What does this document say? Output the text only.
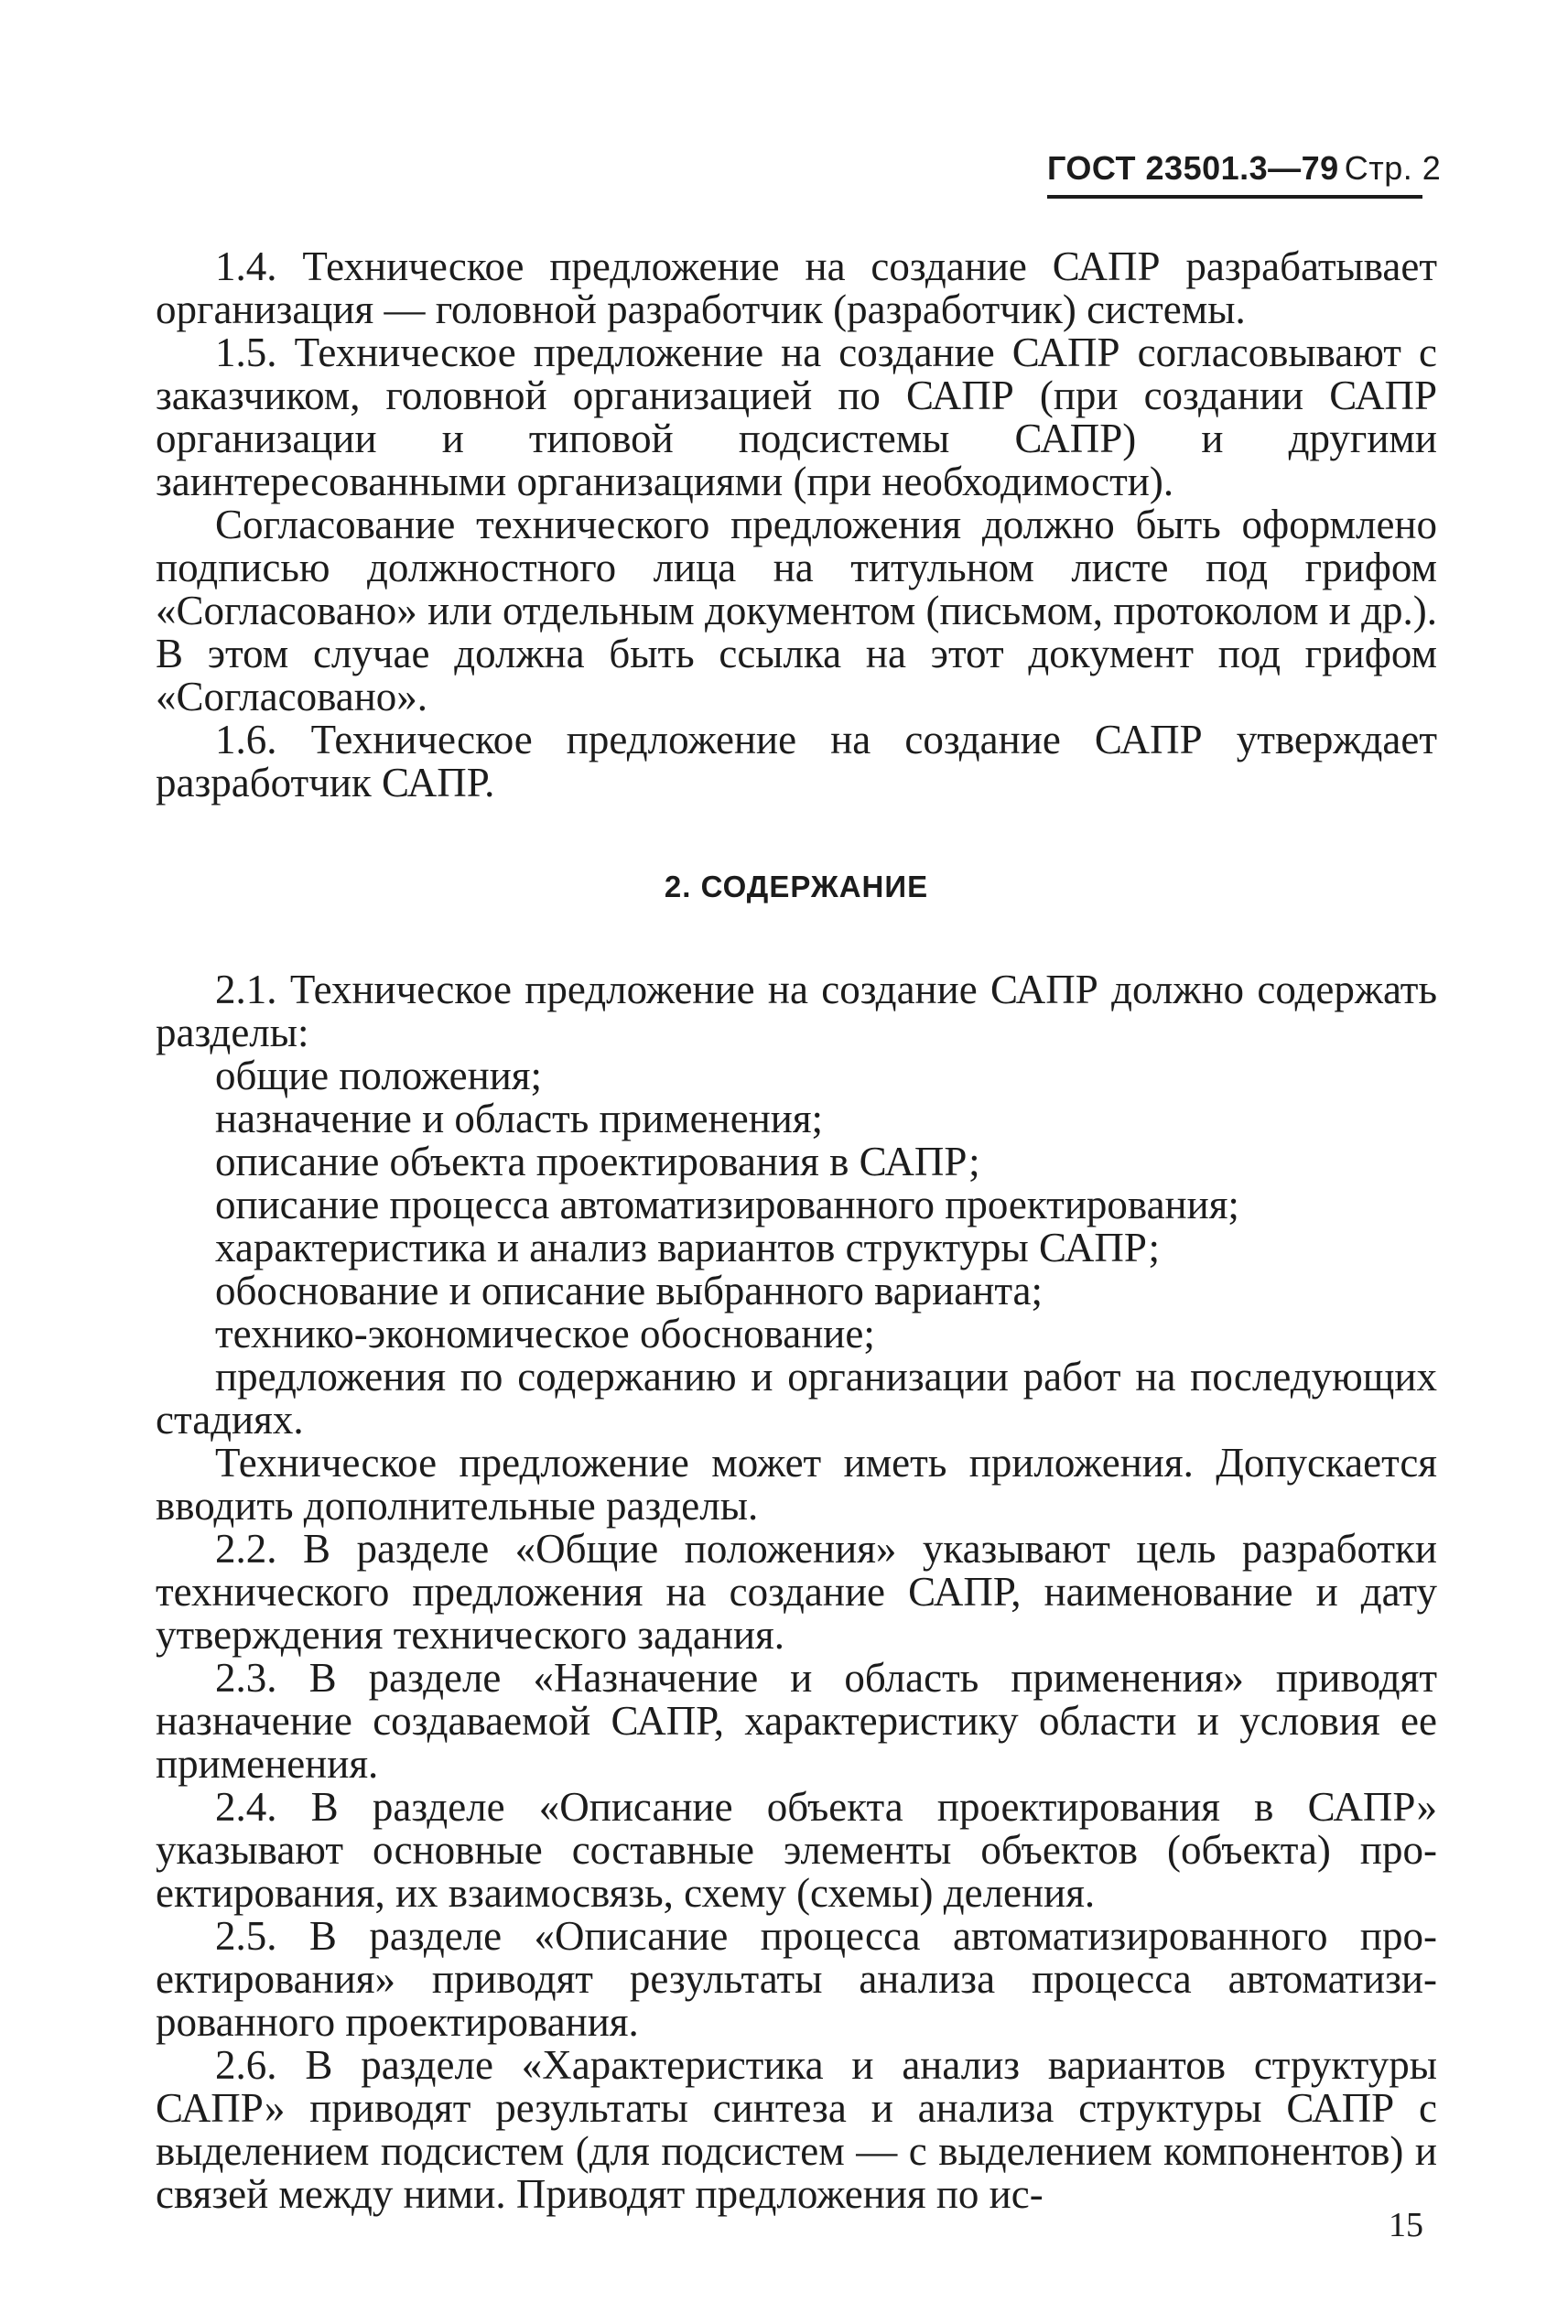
ГОСТ 23501.3—79 Стр. 2

1.4. Техническое предложение на создание САПР разрабатывает организация — головной разработчик (разработчик) системы.

1.5. Техническое предложение на создание САПР согласовывают с заказчиком, головной организацией по САПР (при создании САПР организации и типовой подсистемы САПР) и другими заинтересованными организациями (при необходимости).

Согласование технического предложения должно быть оформлено подписью должностного лица на титульном листе под грифом «Согласовано» или отдельным документом (письмом, протоколом и др.). В этом случае должна быть ссылка на этот документ под грифом «Согласовано».

1.6. Техническое предложение на создание САПР утверждает разработчик САПР.

2. СОДЕРЖАНИЕ

2.1. Техническое предложение на создание САПР должно содержать разделы:

общие положения;
назначение и область применения;
описание объекта проектирования в САПР;
описание процесса автоматизированного проектирования;
характеристика и анализ вариантов структуры САПР;
обоснование и описание выбранного варианта;
технико-экономическое обоснование;
предложения по содержанию и организации работ на последующих стадиях.

Техническое предложение может иметь приложения. Допускается вводить дополнительные разделы.

2.2. В разделе «Общие положения» указывают цель разработки технического предложения на создание САПР, наименование и дату утверждения технического задания.

2.3. В разделе «Назначение и область применения» приводят назначение создаваемой САПР, характеристику области и условия ее применения.

2.4. В разделе «Описание объекта проектирования в САПР» указывают основные составные элементы объектов (объекта) проектирования, их взаимосвязь, схему (схемы) деления.

2.5. В разделе «Описание процесса автоматизированного проектирования» приводят результаты анализа процесса автоматизированного проектирования.

2.6. В разделе «Характеристика и анализ вариантов структуры САПР» приводят результаты синтеза и анализа структуры САПР с выделением подсистем (для подсистем — с выделением компонентов) и связей между ними. Приводят предложения по ис-

15
